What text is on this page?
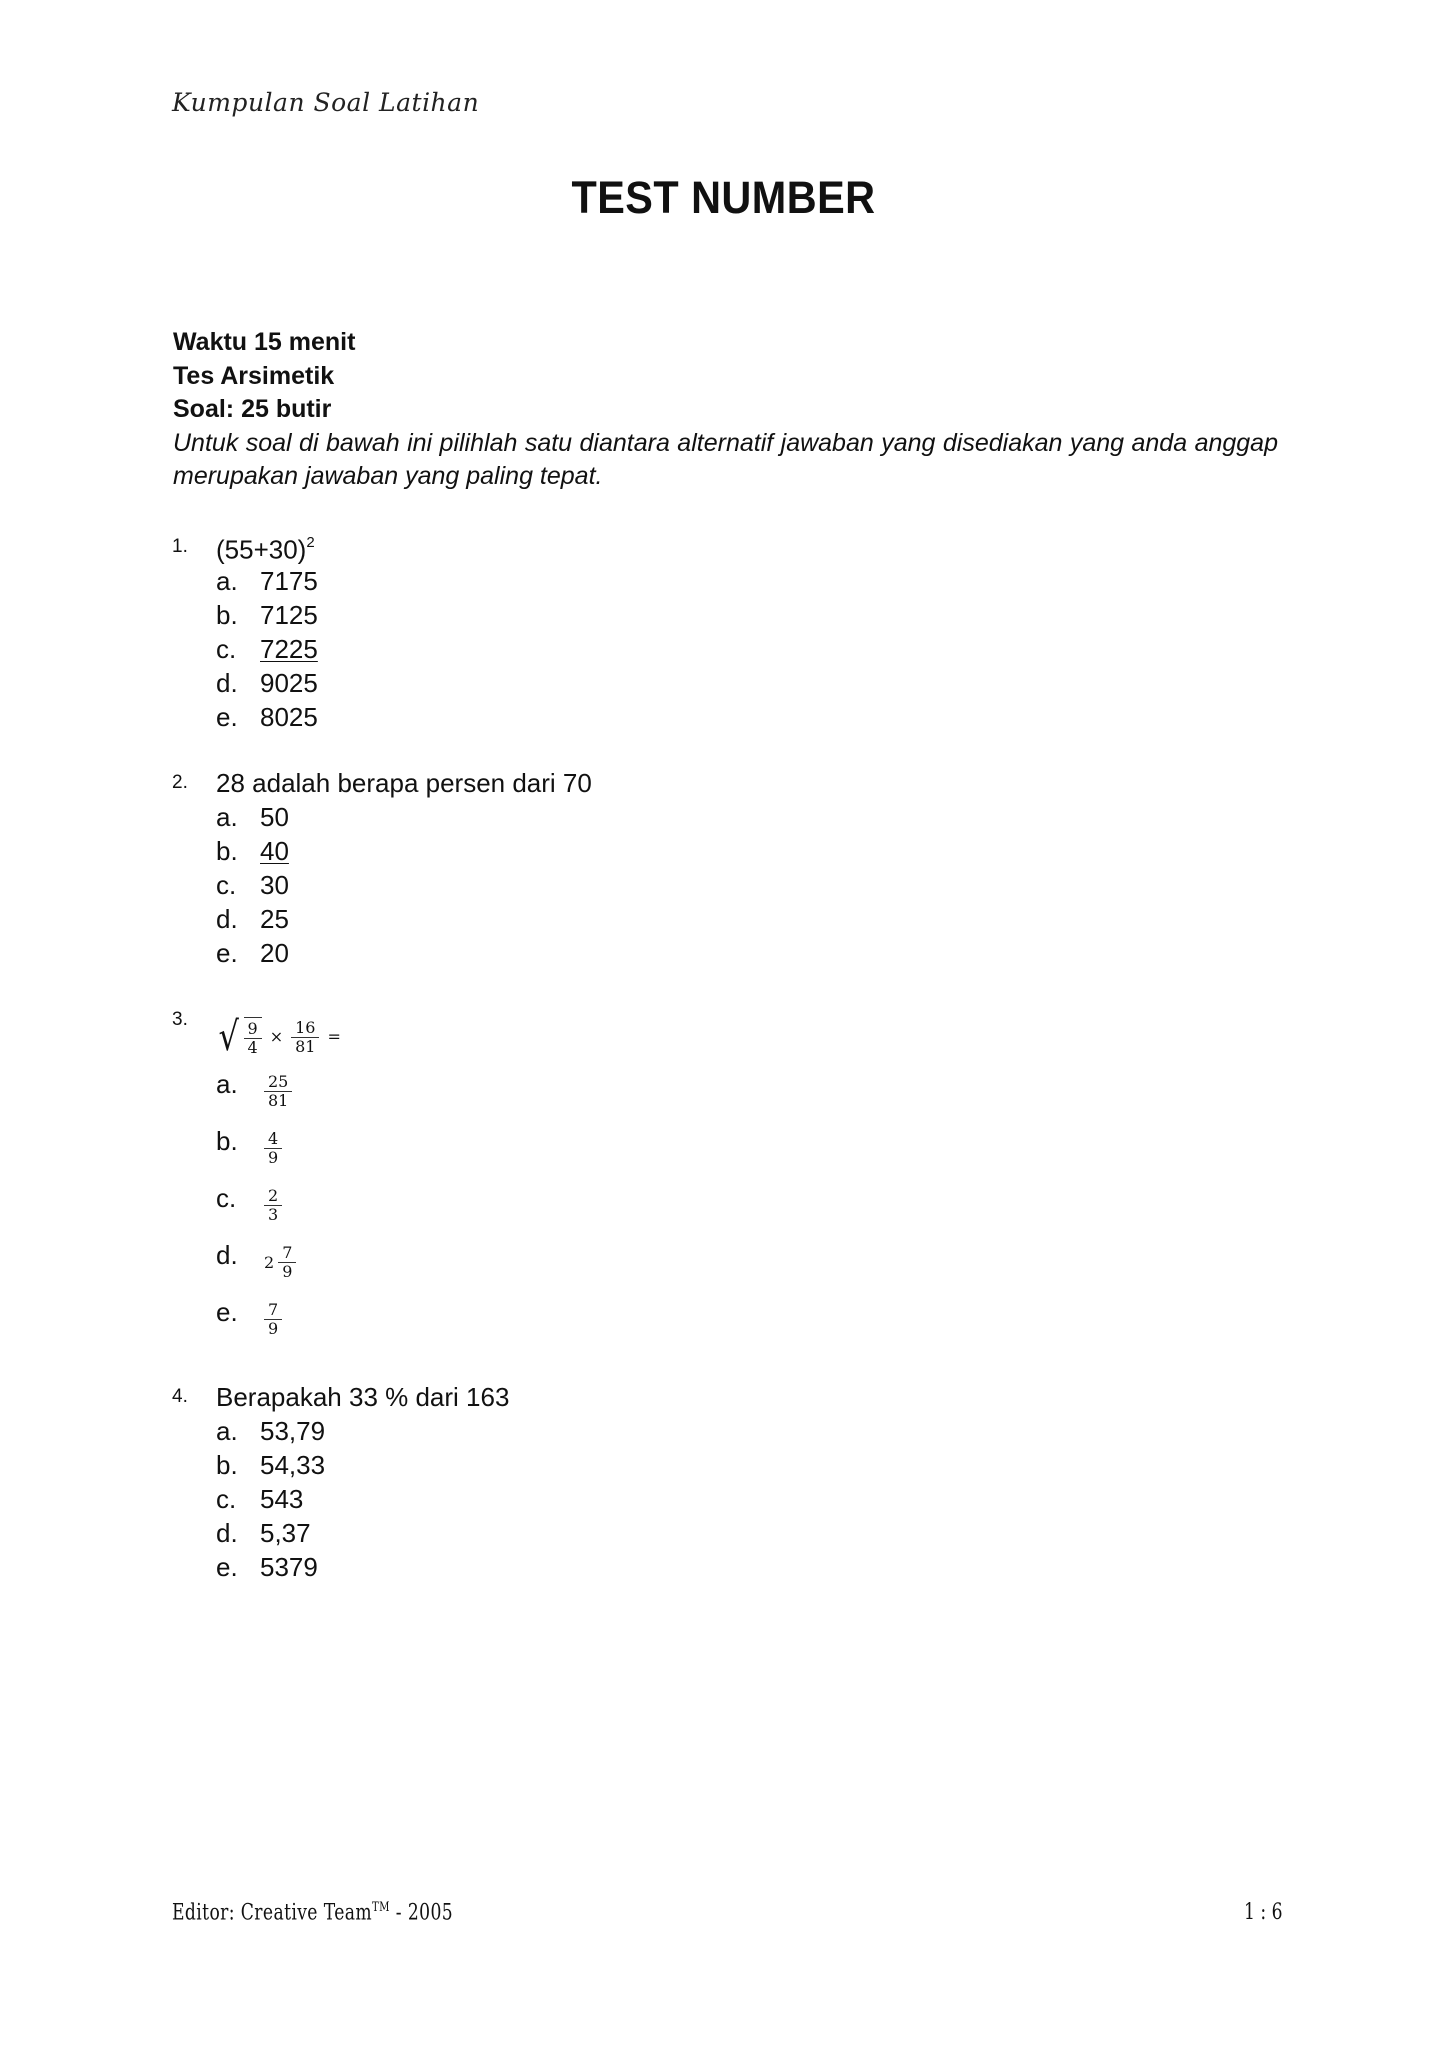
Kumpulan Soal Latihan
TEST NUMBER
Waktu 15 menit
Tes Arsimetik
Soal: 25 butir
Untuk soal di bawah ini pilihlah satu diantara alternatif jawaban yang disediakan yang anda anggap merupakan jawaban yang paling tepat.
1.	$(55+30)^2$
a. 7175
b. 7125
c. 7225
d. 9025
e. 8025
2.	28 adalah berapa persen dari 70
a. 50
b. 40
c. 30
d. 25
e. 20
3. √ $\frac{9}{4} \times \frac{16}{81}$ =
a.	$\frac{25}{81}$
b.	$\frac{4}{9}$
c.	$\frac{2}{3}$
d.	$2 \frac{7}{9}$
e.	$\frac{7}{9}$
4.	Berapakah 33 % dari 163
a. 53,79
b. 54,33
c. 543
d. 5,37
e. 5379
Editor: Creative Team™ - 2005	1 : 6
